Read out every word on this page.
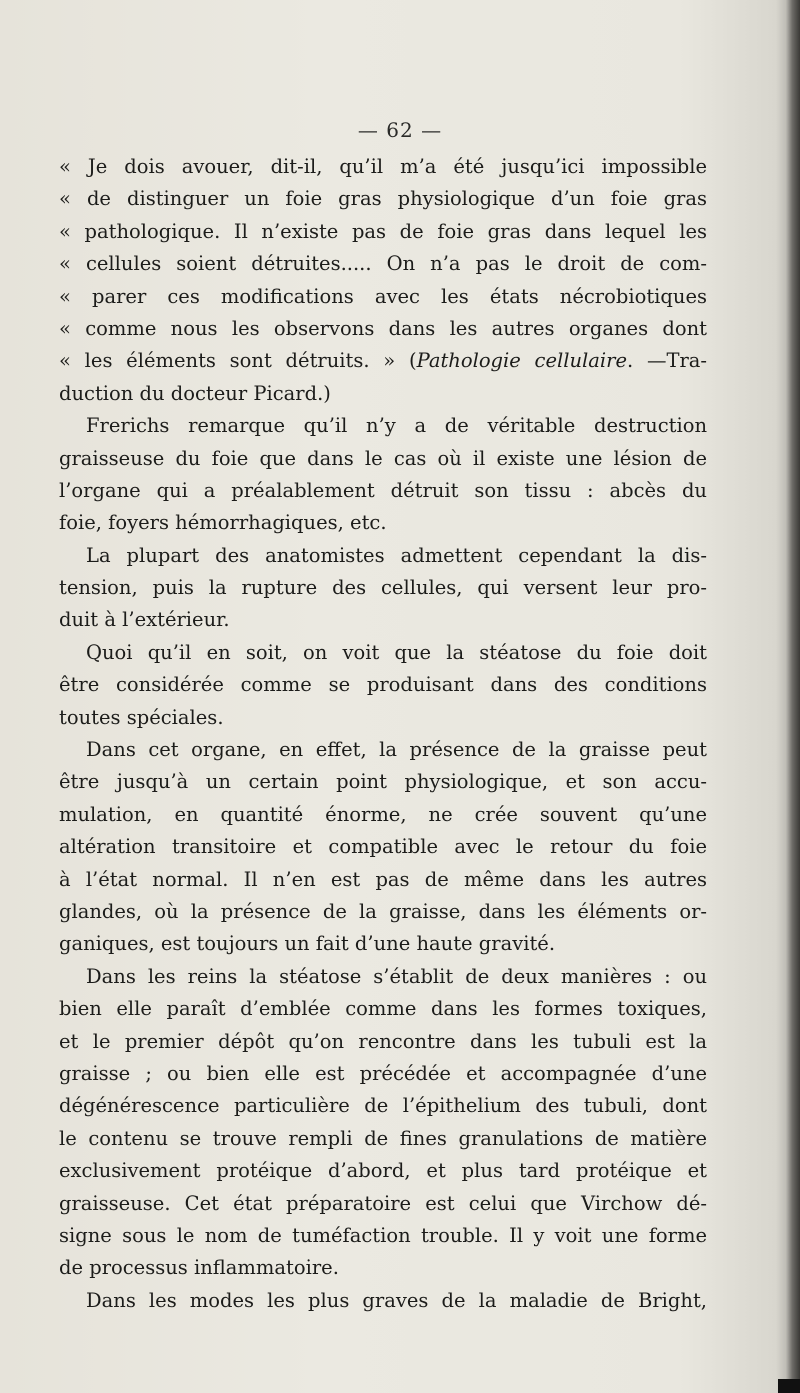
— 62 —
« Je dois avouer, dit-il, qu’il m’a été jusqu’ici impossible
« de distinguer un foie gras physiologique d’un foie gras
« pathologique. Il n’existe pas de foie gras dans lequel les
« cellules soient détruites..... On n’a pas le droit de com-
« parer ces modifications avec les états nécrobiotiques
« comme nous les observons dans les autres organes dont
« les éléments sont détruits. » (Pathologie cellulaire. —Tra-
duction du docteur Picard.)
Frerichs remarque qu’il n’y a de véritable destruction
graisseuse du foie que dans le cas où il existe une lésion de
l’organe qui a préalablement détruit son tissu : abcès du
foie, foyers hémorrhagiques, etc.
La plupart des anatomistes admettent cependant la dis-
tension, puis la rupture des cellules, qui versent leur pro-
duit à l’extérieur.
Quoi qu’il en soit, on voit que la stéatose du foie doit
être considérée comme se produisant dans des conditions
toutes spéciales.
Dans cet organe, en effet, la présence de la graisse peut
être jusqu’à un certain point physiologique, et son accu-
mulation, en quantité énorme, ne crée souvent qu’une
altération transitoire et compatible avec le retour du foie
à l’état normal. Il n’en est pas de même dans les autres
glandes, où la présence de la graisse, dans les éléments or-
ganiques, est toujours un fait d’une haute gravité.
Dans les reins la stéatose s’établit de deux manières : ou
bien elle paraît d’emblée comme dans les formes toxiques,
et le premier dépôt qu’on rencontre dans les tubuli est la
graisse ; ou bien elle est précédée et accompagnée d’une
dégénérescence particulière de l’épithelium des tubuli, dont
le contenu se trouve rempli de fines granulations de matière
exclusivement protéique d’abord, et plus tard protéique et
graisseuse. Cet état préparatoire est celui que Virchow dé-
signe sous le nom de tuméfaction trouble. Il y voit une forme
de processus inflammatoire.
Dans les modes les plus graves de la maladie de Bright,
